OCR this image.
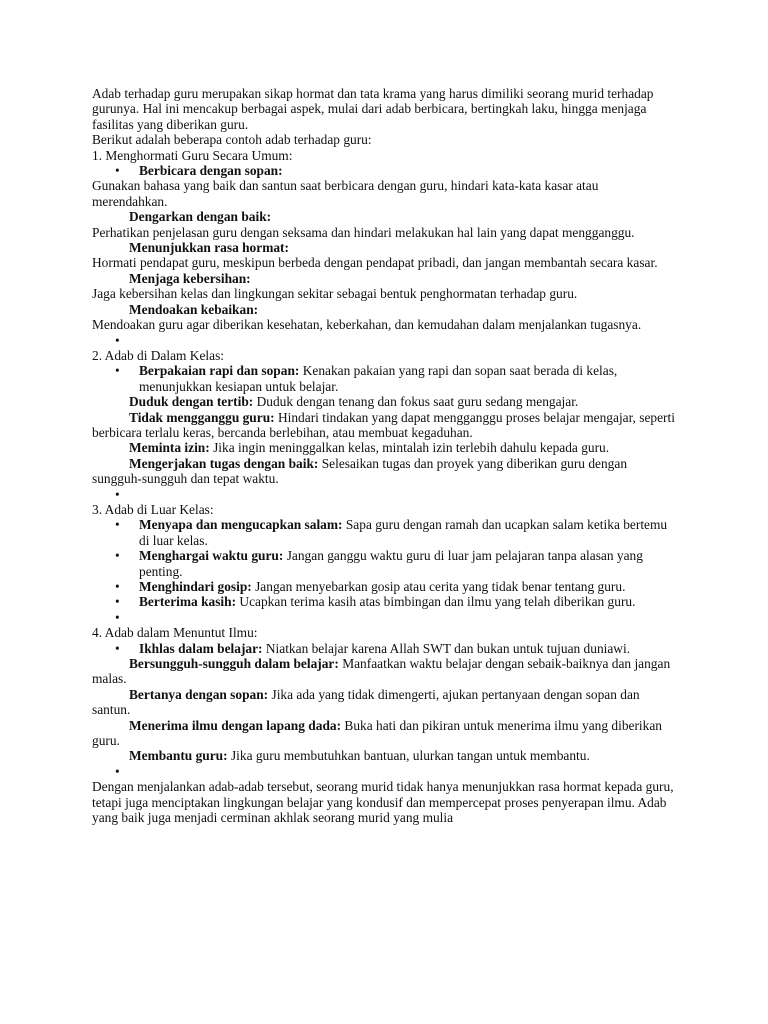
Adab terhadap guru merupakan sikap hormat dan tata krama yang harus dimiliki seorang murid terhadap gurunya. Hal ini mencakup berbagai aspek, mulai dari adab berbicara, bertingkah laku, hingga menjaga fasilitas yang diberikan guru.

Berikut adalah beberapa contoh adab terhadap guru:

1. Menghormati Guru Secara Umum:

• Berbicara dengan sopan:

Gunakan bahasa yang baik dan santun saat berbicara dengan guru, hindari kata-kata kasar atau merendahkan.

Dengarkan dengan baik:

Perhatikan penjelasan guru dengan seksama dan hindari melakukan hal lain yang dapat mengganggu.

Menunjukkan rasa hormat:

Hormati pendapat guru, meskipun berbeda dengan pendapat pribadi, dan jangan membantah secara kasar.

Menjaga kebersihan:

Jaga kebersihan kelas dan lingkungan sekitar sebagai bentuk penghormatan terhadap guru.

Mendoakan kebaikan:

Mendoakan guru agar diberikan kesehatan, keberkahan, dan kemudahan dalam menjalankan tugasnya.

•

2. Adab di Dalam Kelas:

• Berpakaian rapi dan sopan: Kenakan pakaian yang rapi dan sopan saat berada di kelas, menunjukkan kesiapan untuk belajar.

Duduk dengan tertib: Duduk dengan tenang dan fokus saat guru sedang mengajar.

Tidak mengganggu guru: Hindari tindakan yang dapat mengganggu proses belajar mengajar, seperti berbicara terlalu keras, bercanda berlebihan, atau membuat kegaduhan.

Meminta izin: Jika ingin meninggalkan kelas, mintalah izin terlebih dahulu kepada guru.

Mengerjakan tugas dengan baik: Selesaikan tugas dan proyek yang diberikan guru dengan sungguh-sungguh dan tepat waktu.

•

3. Adab di Luar Kelas:

• Menyapa dan mengucapkan salam: Sapa guru dengan ramah dan ucapkan salam ketika bertemu di luar kelas.

• Menghargai waktu guru: Jangan ganggu waktu guru di luar jam pelajaran tanpa alasan yang penting.

• Menghindari gosip: Jangan menyebarkan gosip atau cerita yang tidak benar tentang guru.

• Berterima kasih: Ucapkan terima kasih atas bimbingan dan ilmu yang telah diberikan guru.

•

4. Adab dalam Menuntut Ilmu:

• Ikhlas dalam belajar: Niatkan belajar karena Allah SWT dan bukan untuk tujuan duniawi.

Bersungguh-sungguh dalam belajar: Manfaatkan waktu belajar dengan sebaik-baiknya dan jangan malas.

Bertanya dengan sopan: Jika ada yang tidak dimengerti, ajukan pertanyaan dengan sopan dan santun.

Menerima ilmu dengan lapang dada: Buka hati dan pikiran untuk menerima ilmu yang diberikan guru.

Membantu guru: Jika guru membutuhkan bantuan, ulurkan tangan untuk membantu.

•

Dengan menjalankan adab-adab tersebut, seorang murid tidak hanya menunjukkan rasa hormat kepada guru, tetapi juga menciptakan lingkungan belajar yang kondusif dan mempercepat proses penyerapan ilmu. Adab yang baik juga menjadi cerminan akhlak seorang murid yang mulia
